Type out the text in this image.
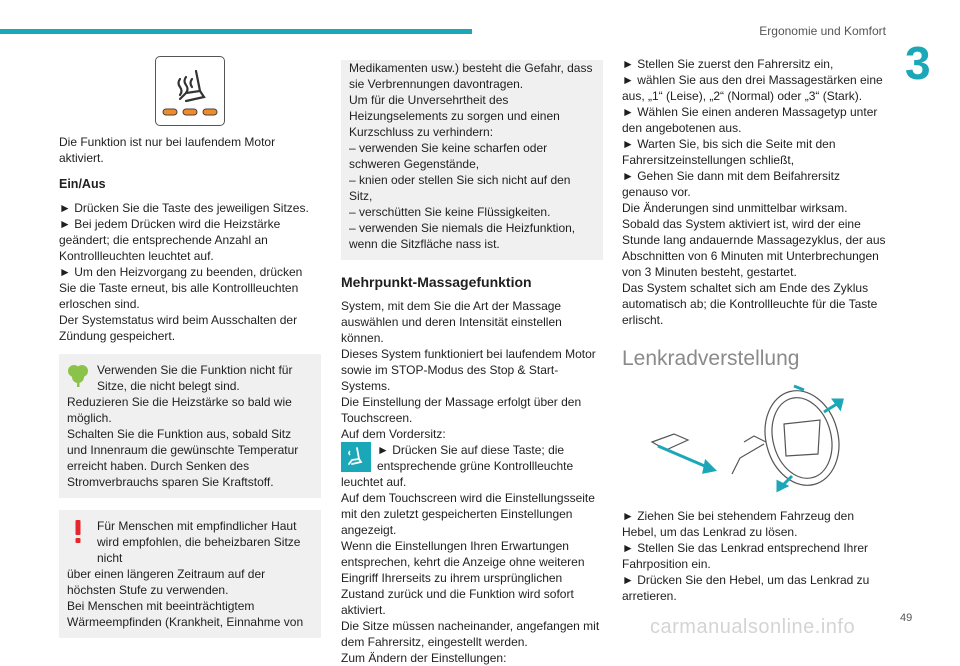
Ergonomie und Komfort
3

Die Funktion ist nur bei laufendem Motor aktiviert.

Ein/Aus

► Drücken Sie die Taste des jeweiligen Sitzes.

► Bei jedem Drücken wird die Heizstärke geändert; die entsprechende Anzahl an Kontrollleuchten leuchtet auf.

► Um den Heizvorgang zu beenden, drücken Sie die Taste erneut, bis alle Kontrollleuchten erloschen sind.

Der Systemstatus wird beim Ausschalten der Zündung gespeichert.

Verwenden Sie die Funktion nicht für Sitze, die nicht belegt sind.

Reduzieren Sie die Heizstärke so bald wie möglich.

Schalten Sie die Funktion aus, sobald Sitz und Innenraum die gewünschte Temperatur erreicht haben. Durch Senken des Stromverbrauchs sparen Sie Kraftstoff.

Für Menschen mit empfindlicher Haut wird empfohlen, die beheizbaren Sitze nicht

über einen längeren Zeitraum auf der höchsten Stufe zu verwenden.

Bei Menschen mit beeinträchtigtem Wärmeempfinden (Krankheit, Einnahme von

Medikamenten usw.) besteht die Gefahr, dass sie Verbrennungen davontragen.

Um für die Unversehrtheit des Heizungselements zu sorgen und einen Kurzschluss zu verhindern:

– verwenden Sie keine scharfen oder schweren Gegenstände,

– knien oder stellen Sie sich nicht auf den Sitz,

– verschütten Sie keine Flüssigkeiten.

– verwenden Sie niemals die Heizfunktion, wenn die Sitzfläche nass ist.

Mehrpunkt-Massagefunktion

System, mit dem Sie die Art der Massage auswählen und deren Intensität einstellen können.

Dieses System funktioniert bei laufendem Motor sowie im STOP-Modus des Stop & Start-Systems.

Die Einstellung der Massage erfolgt über den Touchscreen.

Auf dem Vordersitz:

► Drücken Sie auf diese Taste; die entsprechende grüne Kontrollleuchte leuchtet auf.

Auf dem Touchscreen wird die Einstellungsseite mit den zuletzt gespeicherten Einstellungen angezeigt.

Wenn die Einstellungen Ihren Erwartungen entsprechen, kehrt die Anzeige ohne weiteren Eingriff Ihrerseits zu ihrem ursprünglichen Zustand zurück und die Funktion wird sofort aktiviert.

Die Sitze müssen nacheinander, angefangen mit dem Fahrersitz, eingestellt werden.

Zum Ändern der Einstellungen:

► Stellen Sie zuerst den Fahrersitz ein,

► wählen Sie aus den drei Massagestärken eine aus, „1“ (Leise), „2“ (Normal) oder „3“ (Stark).

► Wählen Sie einen anderen Massagetyp unter den angebotenen aus.

► Warten Sie, bis sich die Seite mit den Fahrersitzeinstellungen schließt,

► Gehen Sie dann mit dem Beifahrersitz genauso vor.

Die Änderungen sind unmittelbar wirksam.

Sobald das System aktiviert ist, wird der eine Stunde lang andauernde Massagezyklus, der aus Abschnitten von 6 Minuten mit Unterbrechungen von 3 Minuten besteht, gestartet.

Das System schaltet sich am Ende des Zyklus automatisch ab; die Kontrollleuchte für die Taste erlischt.

Lenkradverstellung

► Ziehen Sie bei stehendem Fahrzeug den Hebel, um das Lenkrad zu lösen.

► Stellen Sie das Lenkrad entsprechend Ihrer Fahrposition ein.

► Drücken Sie den Hebel, um das Lenkrad zu arretieren.

carmanualsonline.info	49
